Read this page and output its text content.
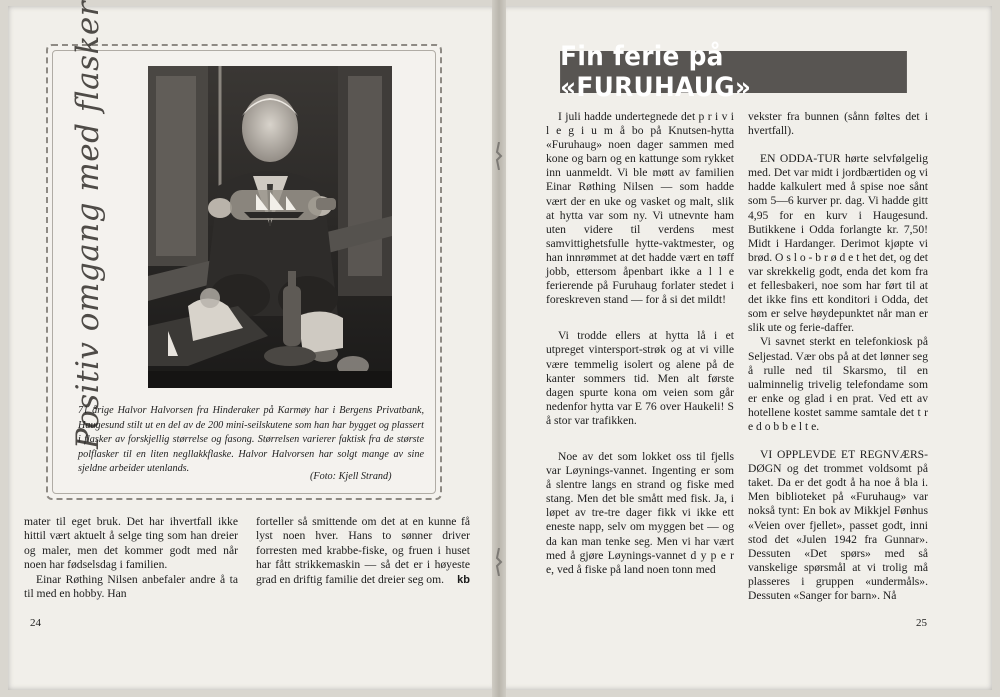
Positiv omgang med flasker
71 årige Halvor Halvorsen fra Hinderaker på Karmøy har i Bergens Privatbank, Haugesund stilt ut en del av de 200 mini-seilskutene som han har bygget og plassert i flasker av forskjellig størrelse og fasong. Størrelsen varierer faktisk fra de største polflasker til en liten negllakkflaske. Halvor Halvorsen har solgt mange av sine sjeldne arbeider utenlands.
(Foto: Kjell Strand)

mater til eget bruk. Det har ihvertfall ikke hittil vært aktuelt å selge ting som han dreier og maler, men det kommer godt med når noen har fødselsdag i familien.

Einar Røthing Nilsen anbefaler andre å ta til med en hobby. Han

forteller så smittende om det at en kunne få lyst noen hver. Hans to sønner driver forresten med krabbe-fiske, og fruen i huset har fått strikkemaskin — så det er i høyeste grad en driftig familie det dreier seg om.	kb

24
Fin ferie på «FURUHAUG»

I juli hadde undertegnede det p r i v i l e g i u m å bo på Knutsen-hytta «Furuhaug» noen dager sammen med kone og barn og en kattunge som rykket inn uanmeldt. Vi ble møtt av familien Einar Røthing Nilsen — som hadde vært der en uke og vasket og malt, slik at hytta var som ny. Vi utnevnte ham uten videre til verdens mest samvittighetsfulle hytte-vaktmester, og han innrømmet at det hadde vært en tøff jobb, ettersom åpenbart ikke a l l e ferierende på Furuhaug forlater stedet i foreskreven stand — for å si det mildt!

Vi trodde ellers at hytta lå i et utpreget vintersport-strøk og at vi ville være temmelig isolert og alene på de kanter sommers tid. Men alt første dagen spurte kona om veien som går nedenfor hytta var E 76 over Haukeli! S å stor var trafikken.

Noe av det som lokket oss til fjells var Løynings-vannet. Ingenting er som å slentre langs en strand og fiske med stang. Men det ble smått med fisk. Ja, i løpet av tre-tre dager fikk vi ikke ett eneste napp, selv om myggen bet — og da kan man tenke seg. Men vi har vært med å gjøre Løynings-vannet d y p e r e, ved å fiske på land noen tonn med

vekster fra bunnen (sånn føltes det i hvertfall).

EN ODDA-TUR hørte selvfølgelig med. Det var midt i jordbærtiden og vi hadde kalkulert med å spise noe sånt som 5—6 kurver pr. dag. Vi hadde gitt 4,95 for en kurv i Haugesund. Butikkene i Odda forlangte kr. 7,50! Midt i Hardanger. Derimot kjøpte vi brød. O s l o - b r ø d e t het det, og det var skrekkelig godt, enda det kom fra et fellesbakeri, noe som har ført til at det ikke fins ett konditori i Odda, det som er selve høydepunktet når man er slik ute og ferie-daffer.

Vi savnet sterkt en telefonkiosk på Seljestad. Vær obs på at det lønner seg å rulle ned til Skarsmo, til en ualminnelig trivelig telefondame som er enke og glad i en prat. Ved ett av hotellene kostet samme samtale det t r e d o b b e l t e.

VI OPPLEVDE ET REGNVÆRS-DØGN og det trommet voldsomt på taket. Da er det godt å ha noe å bla i. Men biblioteket på «Furuhaug» var nokså tynt: En bok av Mikkjel Fønhus «Veien over fjellet», passet godt, inni stod det «Julen 1942 fra Gunnar». Dessuten «Det spørs» med så vanskelige spørsmål at vi trolig må plasseres i gruppen «undermåls». Dessuten «Sanger for barn». Nå

25
